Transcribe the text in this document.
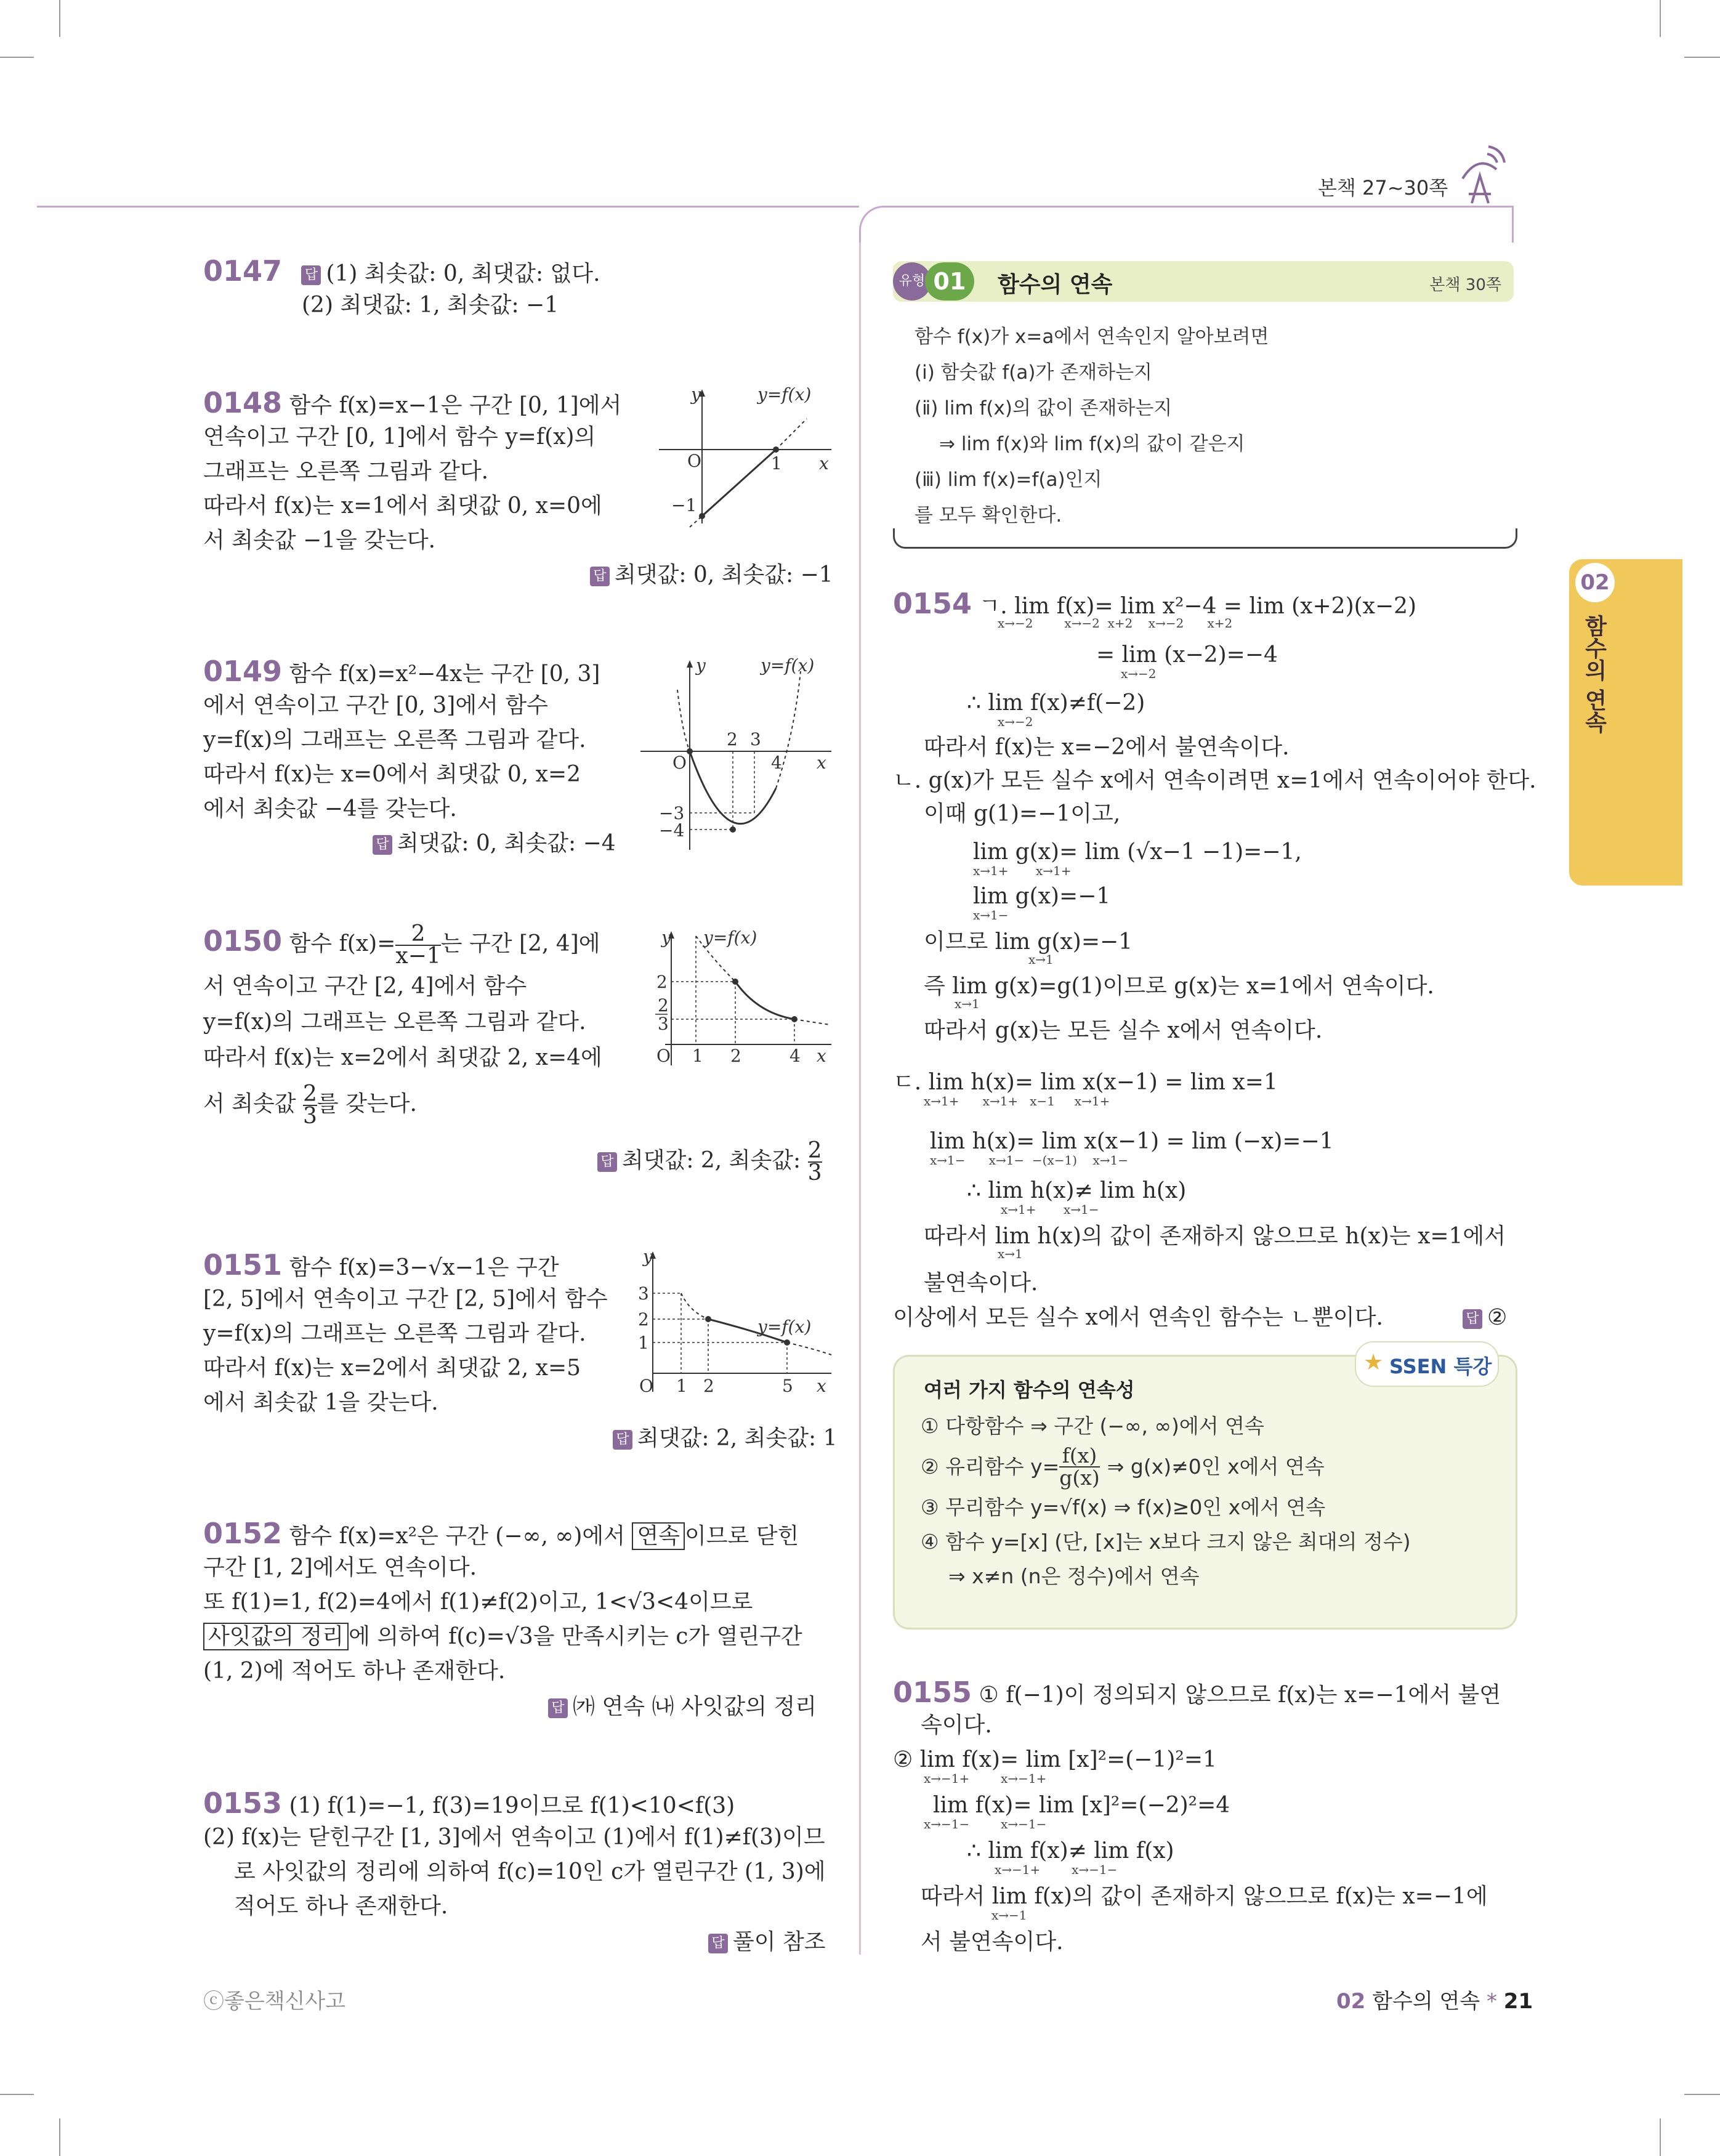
본책 27~30쪽
02
함수의 연속
0147 답 (1) 최솟값: 0, 최댓값: 없다.
(2) 최댓값: 1, 최솟값: −1
0148 함수 f(x)=x−1은 구간 [0, 1]에서
연속이고 구간 [0, 1]에서 함수 y=f(x)의
그래프는 오른쪽 그림과 같다.
따라서 f(x)는 x=1에서 최댓값 0, x=0에
서 최솟값 −1을 갖는다.
답 최댓값: 0, 최솟값: −1
y	y=f(x)
O	1 x
−1
0149 함수 f(x)=x²−4x는 구간 [0, 3]
에서 연속이고 구간 [0, 3]에서 함수
y=f(x)의 그래프는 오른쪽 그림과 같다.
따라서 f(x)는 x=0에서 최댓값 0, x=2
에서 최솟값 −4를 갖는다.
답 최댓값: 0, 최솟값: −4
y	y=f(x)
O
2 3
4 x
−3
−4
0150 함수 $f(x)= \frac{2}{x-1}$ 는 구간 [2, 4]에
서 연속이고 구간 [2, 4]에서 함수
y=f(x)의 그래프는 오른쪽 그림과 같다.
따라서 f(x)는 x=2에서 최댓값 2, x=4에
서 최솟값 $\frac{2}{3}$ 를 갖는다.
답 최댓값: 2, 최솟값: $\frac{2}{3}$
y y=f(x)
O 1 2	4 x
2
2
3
0151 함수 f(x)=3−√x−1은 구간
[2, 5]에서 연속이고 구간 [2, 5]에서 함수
y=f(x)의 그래프는 오른쪽 그림과 같다.
따라서 f(x)는 x=2에서 최댓값 2, x=5
에서 최솟값 1을 갖는다.
답 최댓값: 2, 최솟값: 1
y
y=f(x)
O 1 2	5 x
3
2
1
0152 함수 f(x)=x²은 구간 (−∞, ∞)에서 연속 이므로 닫힌
구간 [1, 2]에서도 연속이다.
또 f(1)=1, f(2)=4에서 f(1)≠f(2)이고, 1<√3<4이므로
사잇값의 정리 에 의하여 f(c)=√3을 만족시키는 c가 열린구간
(1, 2)에 적어도 하나 존재한다.
답 ㈎ 연속 ㈏ 사잇값의 정리
0153 (1) f(1)=−1, f(3)=19이므로 f(1)<10<f(3)
(2) f(x)는 닫힌구간 [1, 3]에서 연속이고 (1)에서 f(1)≠f(3)이므
로 사잇값의 정리에 의하여 f(c)=10인 c가 열린구간 (1, 3)에
적어도 하나 존재한다.
답 풀이 참조
유형 01	함수의 연속	본책 30쪽
함수 f(x)가 x=a에서 연속인지 알아보려면
(ⅰ) 함숫값 f(a)가 존재하는지
(ⅱ) lim f(x)의 값이 존재하는지
⇒ lim f(x)와 lim f(x)의 값이 같은지
(ⅲ) lim f(x)=f(a)인지
를 모두 확인한다.
0154 ㄱ. lim f(x)= lim x²−4 = lim (x+2)(x−2)
x→−2        x→−2  x+2    x→−2      x+2
= lim (x−2)=−4
x→−2
∴ lim f(x)≠f(−2)
x→−2
따라서 f(x)는 x=−2에서 불연속이다.
ㄴ. g(x)가 모든 실수 x에서 연속이려면 x=1에서 연속이어야 한다.
이때 g(1)=−1이고,
lim g(x)= lim (√x−1 −1)=−1,
x→1+       x→1+
lim g(x)=−1
x→1−
이므로 lim g(x)=−1
x→1
즉 lim g(x)=g(1)이므로 g(x)는 x=1에서 연속이다.
x→1
따라서 g(x)는 모든 실수 x에서 연속이다.
ㄷ. lim h(x)= lim x(x−1) = lim x=1
x→1+      x→1+   x−1     x→1+
lim h(x)= lim x(x−1) = lim (−x)=−1
x→1−      x→1−  −(x−1)    x→1−
∴ lim h(x)≠ lim h(x)
x→1+       x→1−
따라서 lim h(x)의 값이 존재하지 않으므로 h(x)는 x=1에서
x→1
불연속이다.
이상에서 모든 실수 x에서 연속인 함수는 ㄴ뿐이다.	답 ②
★ SSEN 특강
여러 가지 함수의 연속성
① 다항함수 ⇒ 구간 (−∞, ∞)에서 연속
② 유리함수 $y= \frac{f(x)}{g(x)}$ ⇒ g(x)≠0인 x에서 연속
③ 무리함수 y=√f(x) ⇒ f(x)≥0인 x에서 연속
④ 함수 y=[x] (단, [x]는 x보다 크지 않은 최대의 정수)
⇒ x≠n (n은 정수)에서 연속
0155 ① f(−1)이 정의되지 않으므로 f(x)는 x=−1에서 불연
속이다.
② lim f(x)= lim [x]²=(−1)²=1
x→−1+        x→−1+
lim f(x)= lim [x]²=(−2)²=4
x→−1−        x→−1−
∴ lim f(x)≠ lim f(x)
x→−1+        x→−1−
따라서 lim f(x)의 값이 존재하지 않으므로 f(x)는 x=−1에
x→−1
서 불연속이다.
ⓒ좋은책신사고	02 함수의 연속 * 21
